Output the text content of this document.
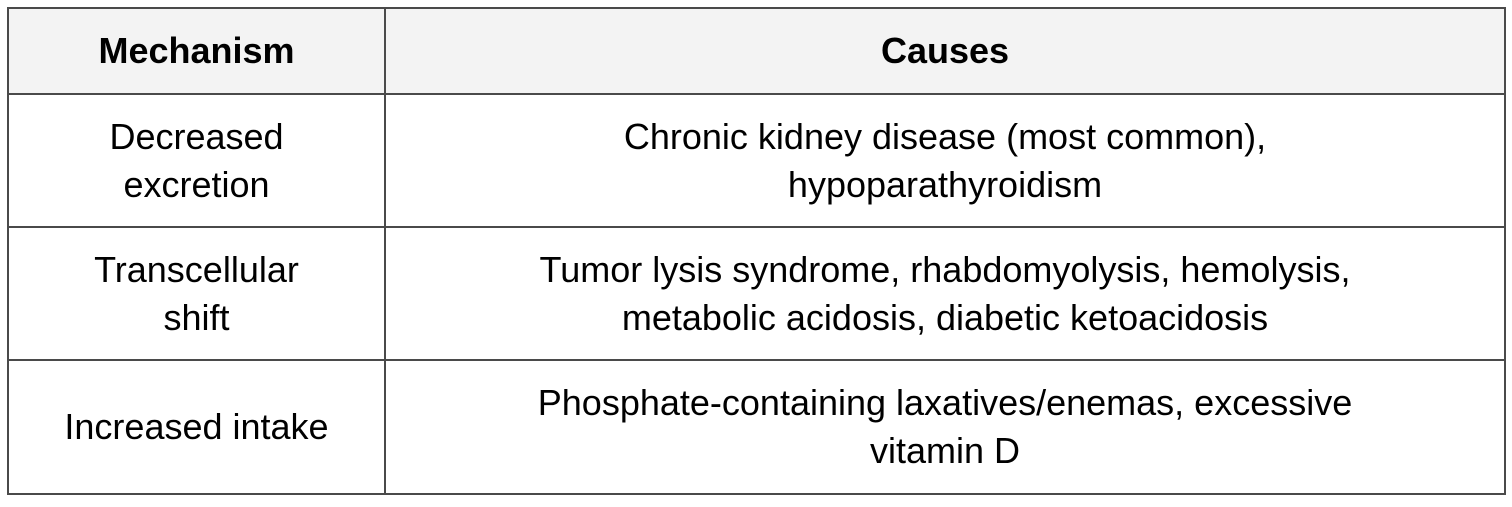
Mechanism	Causes

Decreased
excretion	Chronic kidney disease (most common),
hypoparathyroidism

Transcellular
shift	Tumor lysis syndrome, rhabdomyolysis, hemolysis,
metabolic acidosis, diabetic ketoacidosis

Increased intake	Phosphate-containing laxatives/enemas, excessive
vitamin D
